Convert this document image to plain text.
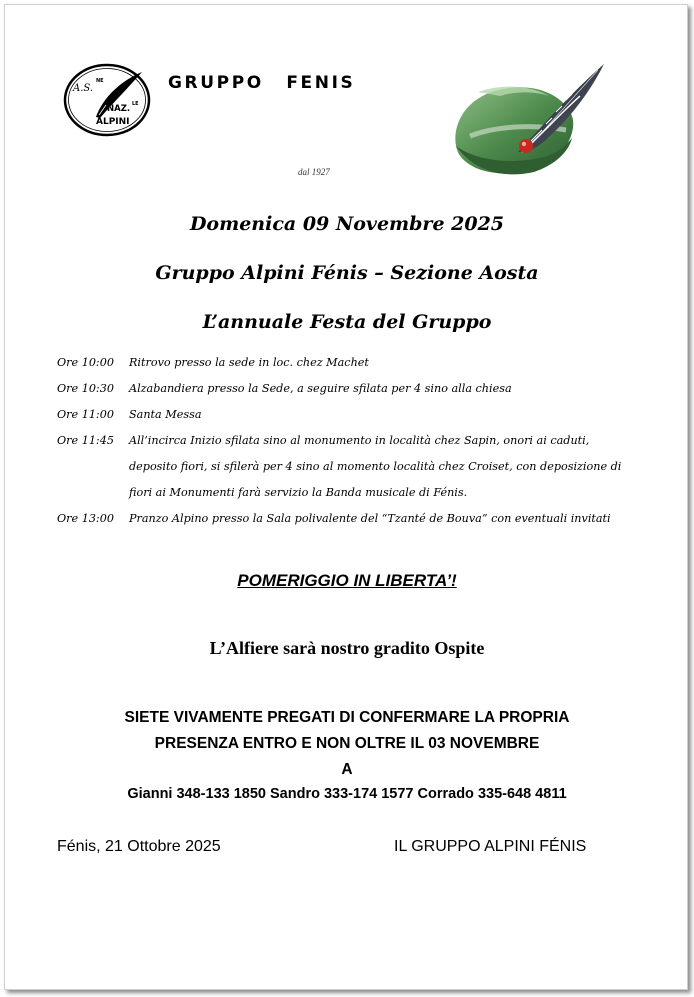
A.S.
NE
NAZ. LE
ALPINI
GRUPPO FENIS
dal 1927
Domenica 09 Novembre 2025
Gruppo Alpini Fénis – Sezione Aosta
L’annuale Festa del Gruppo
Ore 10:00	Ritrovo presso la sede in loc. chez Machet
Ore 10:30	Alzabandiera presso la Sede, a seguire sfilata per 4 sino alla chiesa
Ore 11:00	Santa Messa
Ore 11:45	All’incirca Inizio sfilata sino al monumento in località chez Sapin, onori ai caduti, deposito fiori, si sfilerà per 4 sino al momento località chez Croiset, con deposizione di fiori ai Monumenti farà servizio la Banda musicale di Fénis.
Ore 13:00	Pranzo Alpino presso la Sala polivalente del “Tzanté de Bouva” con eventuali invitati
POMERIGGIO IN LIBERTA’!
L’Alfiere sarà nostro gradito Ospite
SIETE VIVAMENTE PREGATI DI CONFERMARE LA PROPRIA
PRESENZA ENTRO E NON OLTRE IL 03 NOVEMBRE
A
Gianni 348-133 1850 Sandro 333-174 1577 Corrado 335-648 4811
Fénis, 21 Ottobre 2025	IL GRUPPO ALPINI FÉNIS
